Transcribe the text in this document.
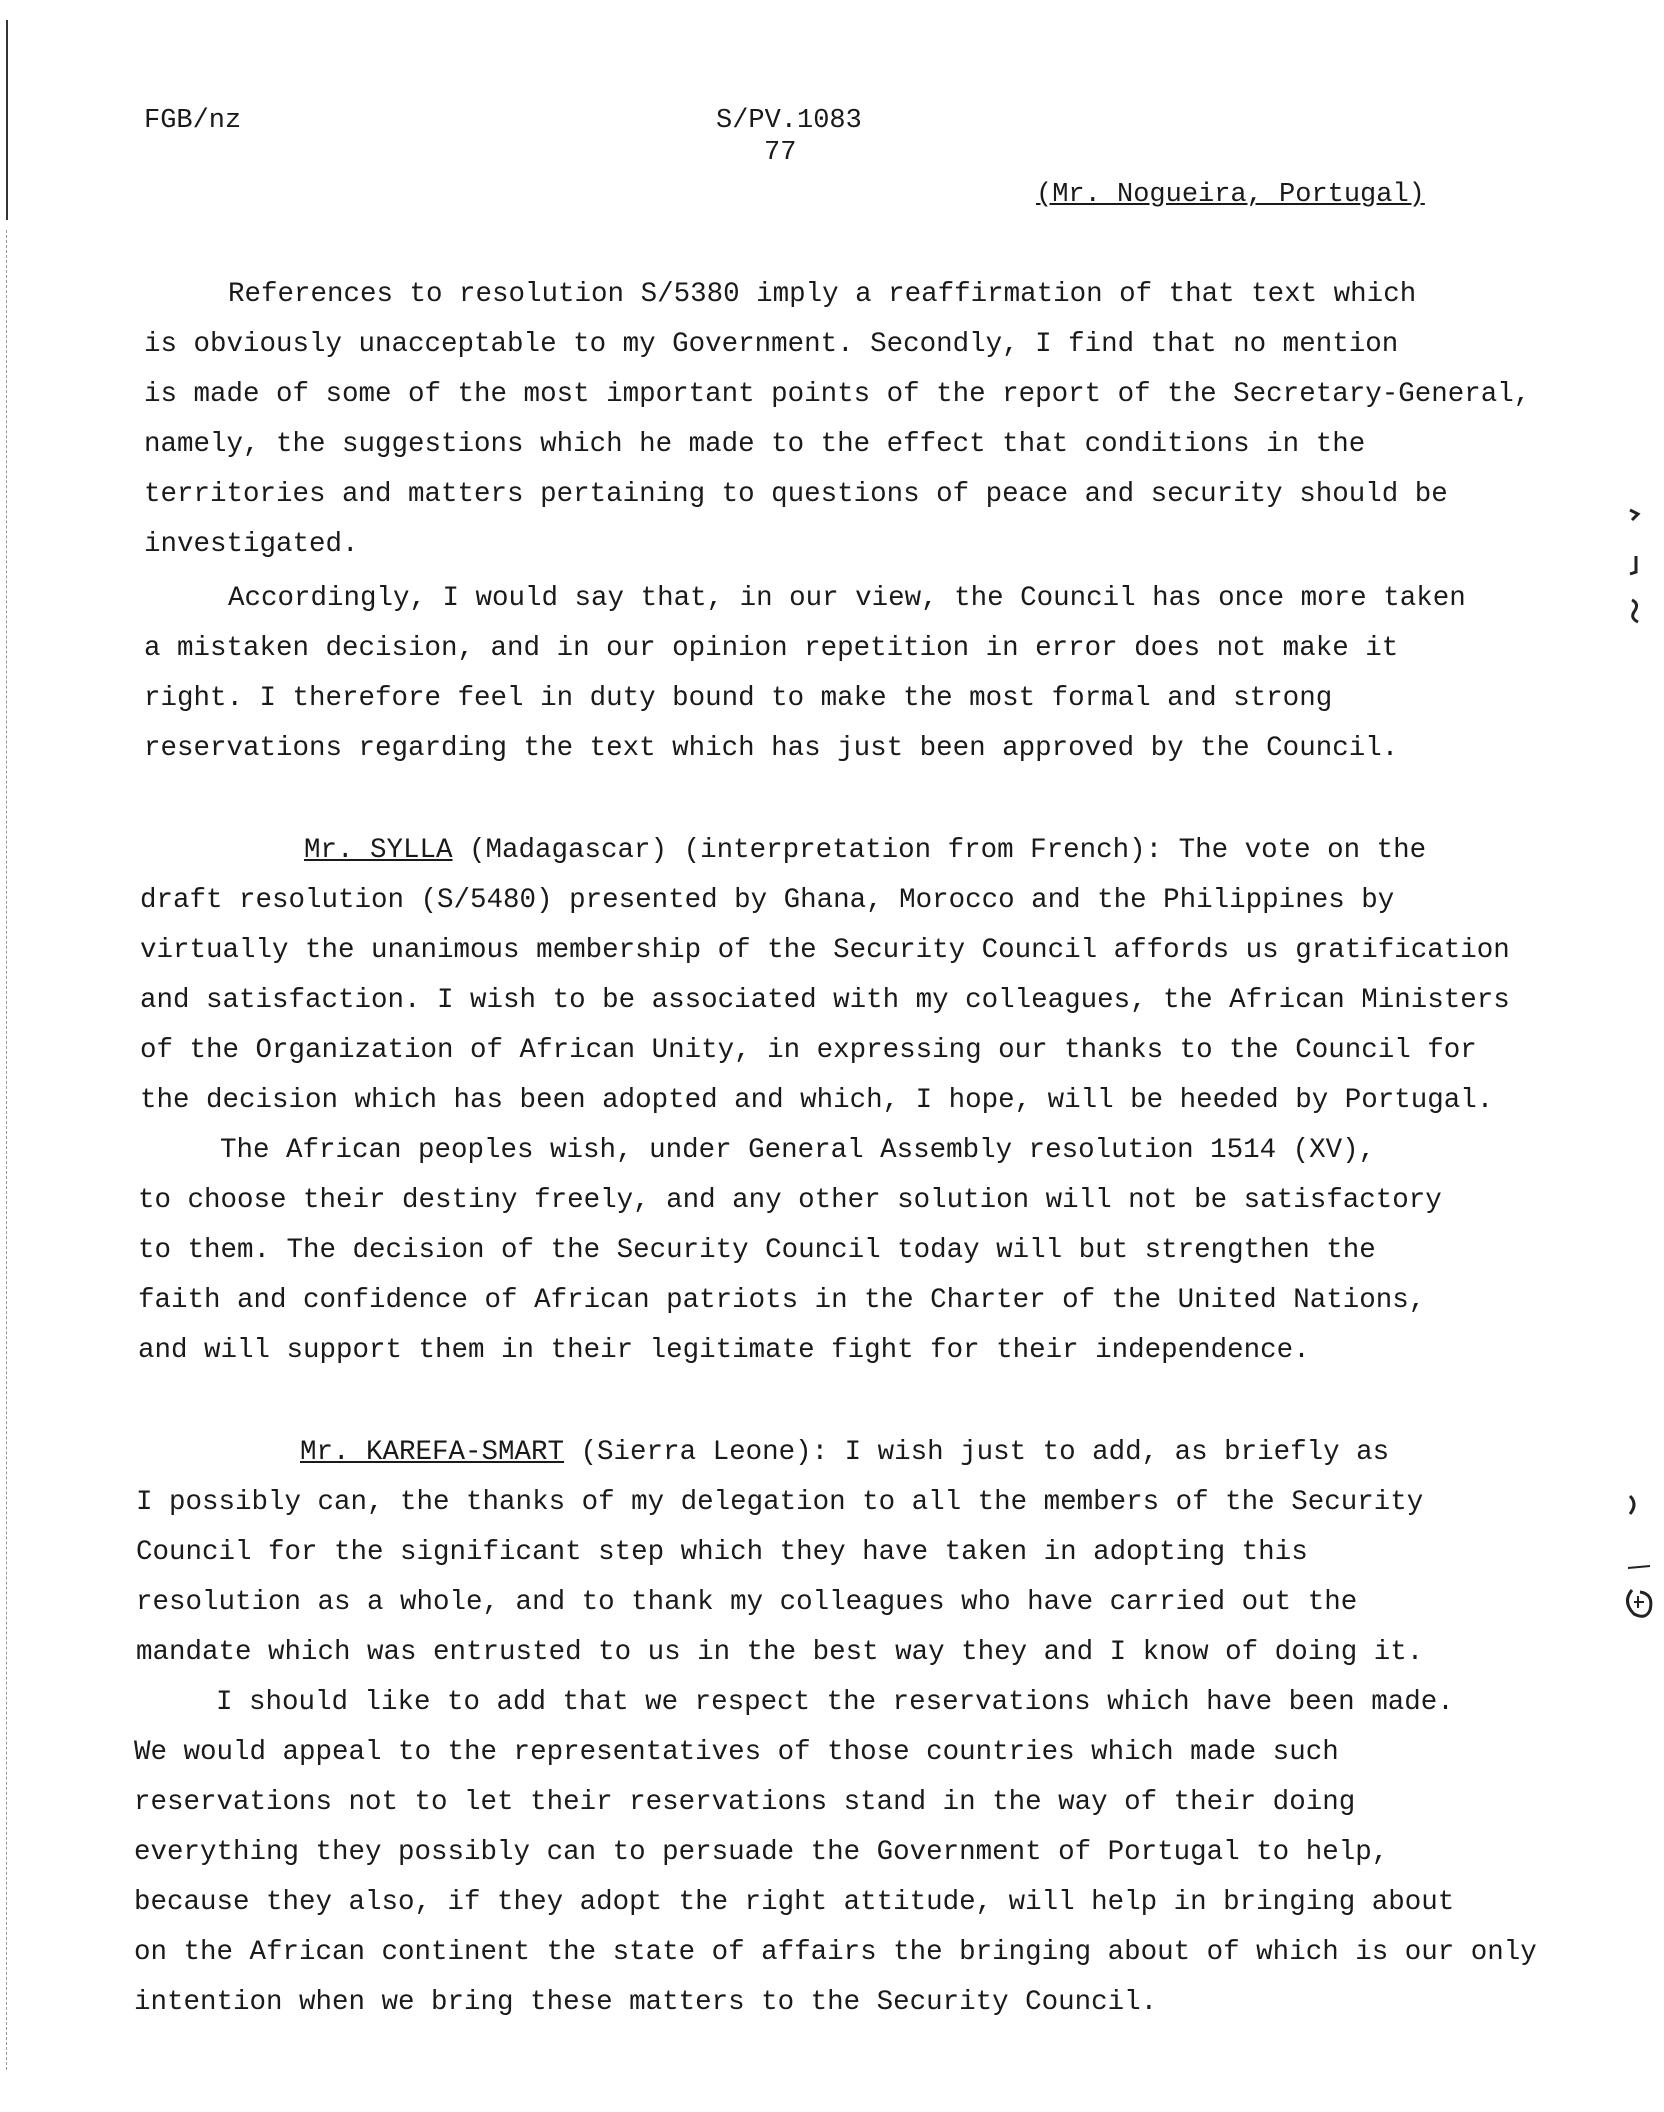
FGB/nz	S/PV.1083
77
(Mr. Nogueira, Portugal)
References to resolution S/5380 imply a reaffirmation of that text which
is obviously unacceptable to my Government. Secondly, I find that no mention
is made of some of the most important points of the report of the Secretary-General,
namely, the suggestions which he made to the effect that conditions in the
territories and matters pertaining to questions of peace and security should be
investigated.
Accordingly, I would say that, in our view, the Council has once more taken
a mistaken decision, and in our opinion repetition in error does not make it
right. I therefore feel in duty bound to make the most formal and strong
reservations regarding the text which has just been approved by the Council.
Mr. SYLLA (Madagascar) (interpretation from French): The vote on the
draft resolution (S/5480) presented by Ghana, Morocco and the Philippines by
virtually the unanimous membership of the Security Council affords us gratification
and satisfaction. I wish to be associated with my colleagues, the African Ministers
of the Organization of African Unity, in expressing our thanks to the Council for
the decision which has been adopted and which, I hope, will be heeded by Portugal.
The African peoples wish, under General Assembly resolution 1514 (XV),
to choose their destiny freely, and any other solution will not be satisfactory
to them. The decision of the Security Council today will but strengthen the
faith and confidence of African patriots in the Charter of the United Nations,
and will support them in their legitimate fight for their independence.
Mr. KAREFA-SMART (Sierra Leone): I wish just to add, as briefly as
I possibly can, the thanks of my delegation to all the members of the Security
Council for the significant step which they have taken in adopting this
resolution as a whole, and to thank my colleagues who have carried out the
mandate which was entrusted to us in the best way they and I know of doing it.
I should like to add that we respect the reservations which have been made.
We would appeal to the representatives of those countries which made such
reservations not to let their reservations stand in the way of their doing
everything they possibly can to persuade the Government of Portugal to help,
because they also, if they adopt the right attitude, will help in bringing about
on the African continent the state of affairs the bringing about of which is our only
intention when we bring these matters to the Security Council.
